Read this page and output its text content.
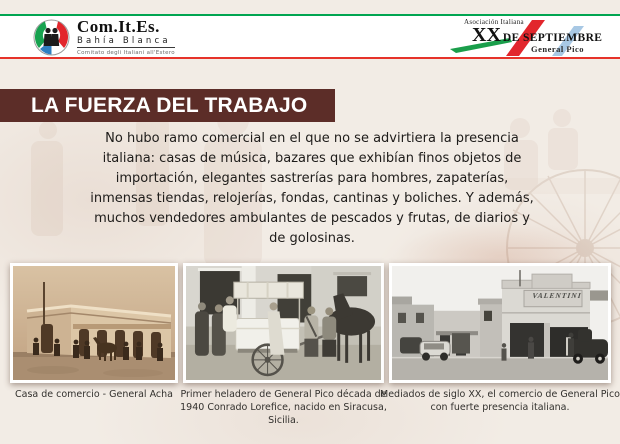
Com.It.Es.
Bahía Blanca
Comitato degli Italiani all'Estero
Asociación Italiana
XX DE SEPTIEMBRE
General Pico
LA FUERZA DEL TRABAJO

No hubo ramo comercial en el que no se advirtiera la presencia italiana: casas de música, bazares que exhibían finos objetos de importación, elegantes sastrerías para hombres, zapaterías, inmensas tiendas, relojerías, fondas, cantinas y boliches. Y además, muchos vendedores ambulantes de pescados y frutas, de diarios y de golosinas.

VALENTINI
Casa de comercio - General Acha Primer heladero de General Pico década de 1940 Conrado Lorefice, nacido en Siracusa, Sicilia.
Mediados de siglo XX, el comercio de General Pico con fuerte presencia italiana.
